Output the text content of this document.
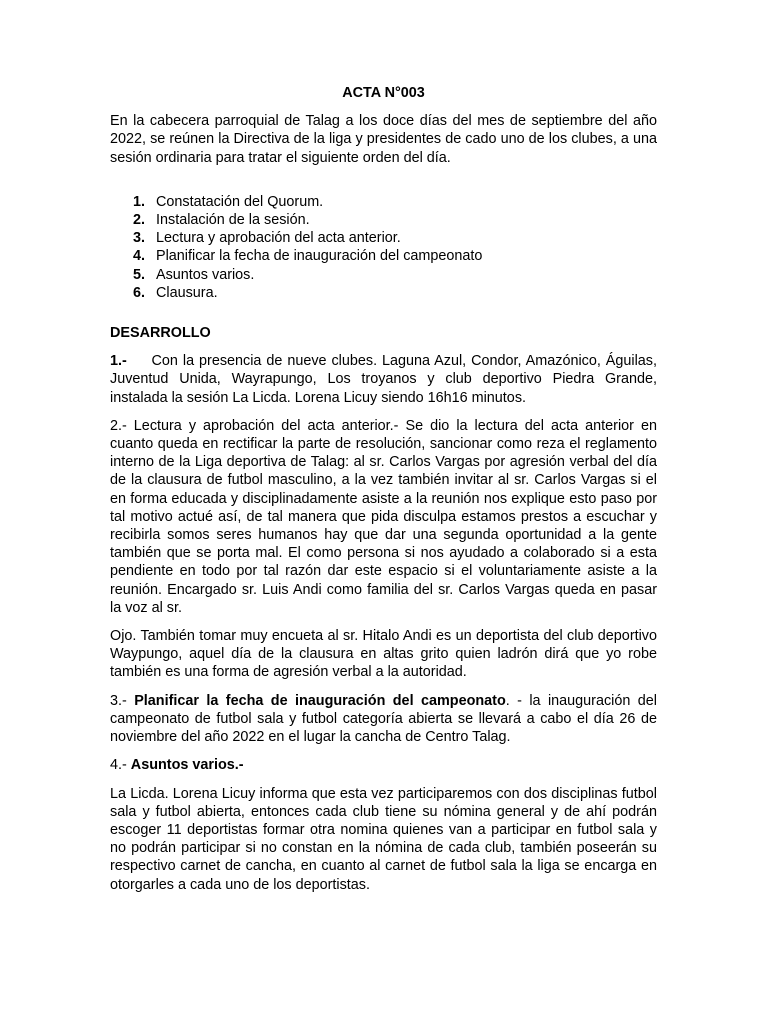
ACTA N°003

En la cabecera parroquial de Talag a los doce días del mes de septiembre del año 2022, se reúnen la Directiva de la liga y presidentes de cado uno de los clubes, a una sesión ordinaria para tratar el siguiente orden del día.

1. Constatación del Quorum.
2. Instalación de la sesión.
3. Lectura y aprobación del acta anterior.
4. Planificar la fecha de inauguración del campeonato
5. Asuntos varios.
6. Clausura.
DESARROLLO

1.- Con la presencia de nueve clubes. Laguna Azul, Condor, Amazónico, Águilas, Juventud Unida, Wayrapungo, Los troyanos y club deportivo Piedra Grande, instalada la sesión La Licda. Lorena Licuy siendo 16h16 minutos.

2.- Lectura y aprobación del acta anterior.- Se dio la lectura del acta anterior en cuanto queda en rectificar la parte de resolución, sancionar como reza el reglamento interno de la Liga deportiva de Talag: al sr. Carlos Vargas por agresión verbal del día de la clausura de futbol masculino, a la vez también invitar al sr. Carlos Vargas si el en forma educada y disciplinadamente asiste a la reunión nos explique esto paso por tal motivo actué así, de tal manera que pida disculpa estamos prestos a escuchar y recibirla somos seres humanos hay que dar una segunda oportunidad a la gente también que se porta mal. El como persona si nos ayudado a colaborado si a esta pendiente en todo por tal razón dar este espacio si el voluntariamente asiste a la reunión. Encargado sr. Luis Andi como familia del sr. Carlos Vargas queda en pasar la voz al sr.

Ojo. También tomar muy encueta al sr. Hitalo Andi es un deportista del club deportivo Waypungo, aquel día de la clausura en altas grito quien ladrón dirá que yo robe también es una forma de agresión verbal a la autoridad.

3.- Planificar la fecha de inauguración del campeonato. - la inauguración del campeonato de futbol sala y futbol categoría abierta se llevará a cabo el día 26 de noviembre del año 2022 en el lugar la cancha de Centro Talag.

4.- Asuntos varios.-

La Licda. Lorena Licuy informa que esta vez participaremos con dos disciplinas futbol sala y futbol abierta, entonces cada club tiene su nómina general y de ahí podrán escoger 11 deportistas formar otra nomina quienes van a participar en futbol sala y no podrán participar si no constan en la nómina de cada club, también poseerán su respectivo carnet de cancha, en cuanto al carnet de futbol sala la liga se encarga en otorgarles a cada uno de los deportistas.
